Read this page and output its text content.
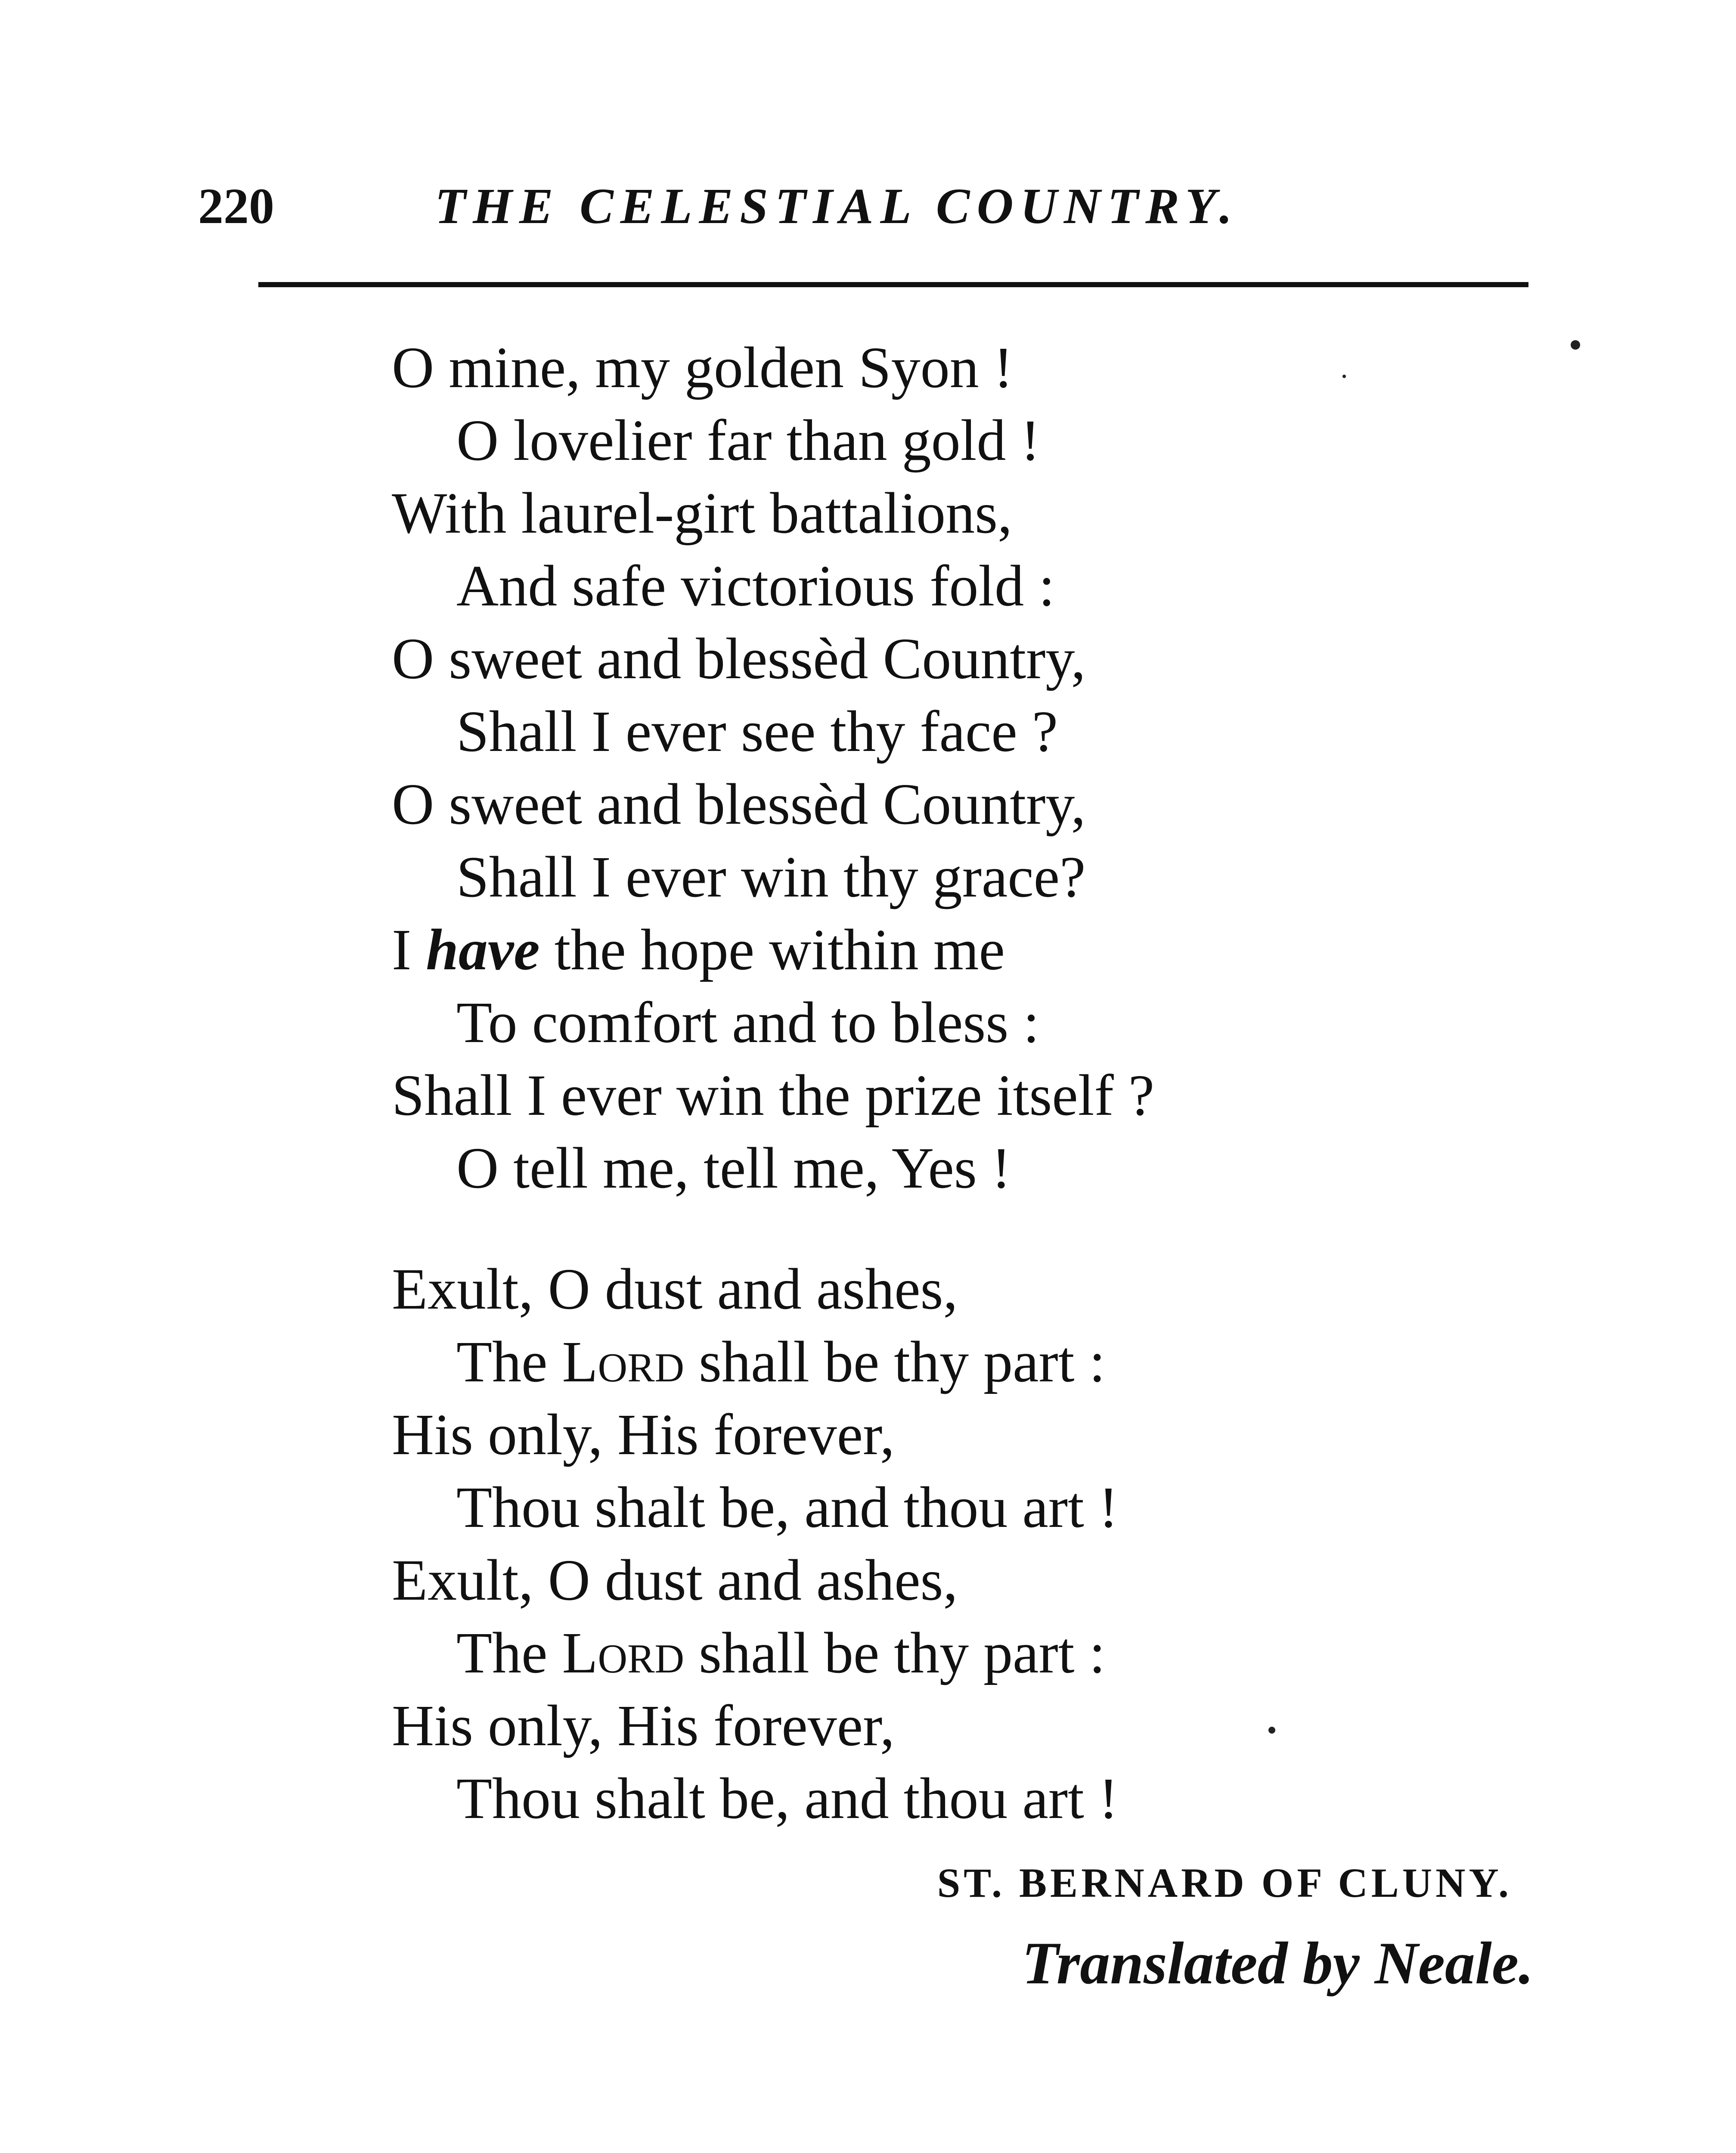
220	THE CELESTIAL COUNTRY.
O mine, my golden Syon !
O lovelier far than gold !
With laurel-girt battalions,
And safe victorious fold :
O sweet and blessèd Country,
Shall I ever see thy face ?
O sweet and blessèd Country,
Shall I ever win thy grace?
I have the hope within me
To comfort and to bless :
Shall I ever win the prize itself ?
O tell me, tell me, Yes !
Exult, O dust and ashes,
The Lord shall be thy part :
His only, His forever,
Thou shalt be, and thou art !
Exult, O dust and ashes,
The Lord shall be thy part :
His only, His forever,
Thou shalt be, and thou art !
ST. BERNARD OF CLUNY.
Translated by Neale.
